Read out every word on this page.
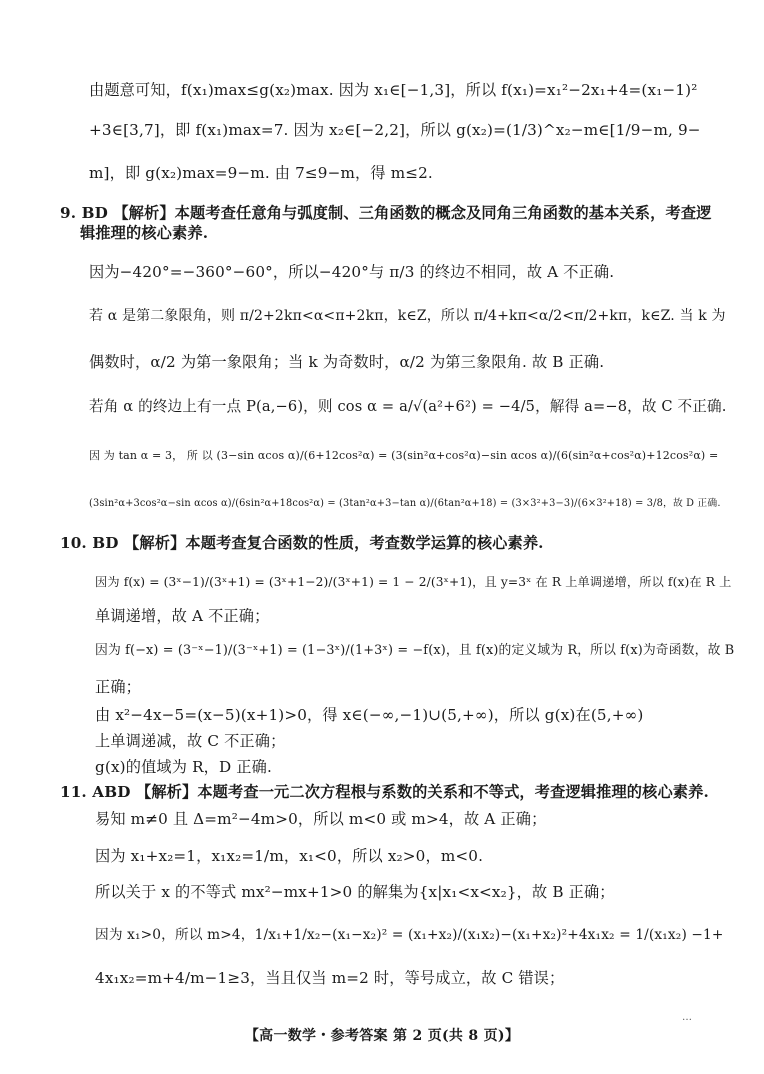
由题意可知，f(x₁)max≤g(x₂)max. 因为 x₁∈[−1,3]，所以 f(x₁)=x₁²−2x₁+4=(x₁−1)²
+3∈[3,7]，即 f(x₁)max=7. 因为 x₂∈[−2,2]，所以 g(x₂)=(1/3)^x₂−m∈[1/9−m, 9−
m]，即 g(x₂)max=9−m. 由 7≤9−m，得 m≤2.
9. BD 【解析】本题考查任意角与弧度制、三角函数的概念及同角三角函数的基本关系，考查逻
辑推理的核心素养.
因为−420°=−360°−60°，所以−420°与 π/3 的终边不相同，故 A 不正确.
若 α 是第二象限角，则 π/2+2kπ<α<π+2kπ，k∈Z，所以 π/4+kπ<α/2<π/2+kπ，k∈Z. 当 k 为
偶数时，α/2 为第一象限角；当 k 为奇数时，α/2 为第三象限角. 故 B 正确.
若角 α 的终边上有一点 P(a,−6)，则 cos α = a/√(a²+6²) = −4/5，解得 a=−8，故 C 不正确.
因 为 tan α = 3， 所 以 (3−sin αcos α)/(6+12cos²α) = (3(sin²α+cos²α)−sin αcos α)/(6(sin²α+cos²α)+12cos²α) =
(3sin²α+3cos²α−sin αcos α)/(6sin²α+18cos²α) = (3tan²α+3−tan α)/(6tan²α+18) = (3×3²+3−3)/(6×3²+18) = 3/8，故 D 正确.
10. BD 【解析】本题考查复合函数的性质，考查数学运算的核心素养.
因为 f(x) = (3ˣ−1)/(3ˣ+1) = (3ˣ+1−2)/(3ˣ+1) = 1 − 2/(3ˣ+1)，且 y=3ˣ 在 R 上单调递增，所以 f(x)在 R 上
单调递增，故 A 不正确；
因为 f(−x) = (3⁻ˣ−1)/(3⁻ˣ+1) = (1−3ˣ)/(1+3ˣ) = −f(x)，且 f(x)的定义域为 R，所以 f(x)为奇函数，故 B
正确；
由 x²−4x−5=(x−5)(x+1)>0，得 x∈(−∞,−1)∪(5,+∞)，所以 g(x)在(5,+∞)
上单调递减，故 C 不正确；
g(x)的值域为 R，D 正确.
11. ABD 【解析】本题考查一元二次方程根与系数的关系和不等式，考查逻辑推理的核心素养.
易知 m≠0 且 Δ=m²−4m>0，所以 m<0 或 m>4，故 A 正确；
因为 x₁+x₂=1，x₁x₂=1/m，x₁<0，所以 x₂>0，m<0.
所以关于 x 的不等式 mx²−mx+1>0 的解集为{x|x₁<x<x₂}，故 B 正确；
因为 x₁>0，所以 m>4，1/x₁+1/x₂−(x₁−x₂)² = (x₁+x₂)/(x₁x₂)−(x₁+x₂)²+4x₁x₂ = 1/(x₁x₂) −1+
4x₁x₂=m+4/m−1≥3，当且仅当 m=2 时，等号成立，故 C 错误；
【高一数学・参考答案 第 2 页(共 8 页)】
…
